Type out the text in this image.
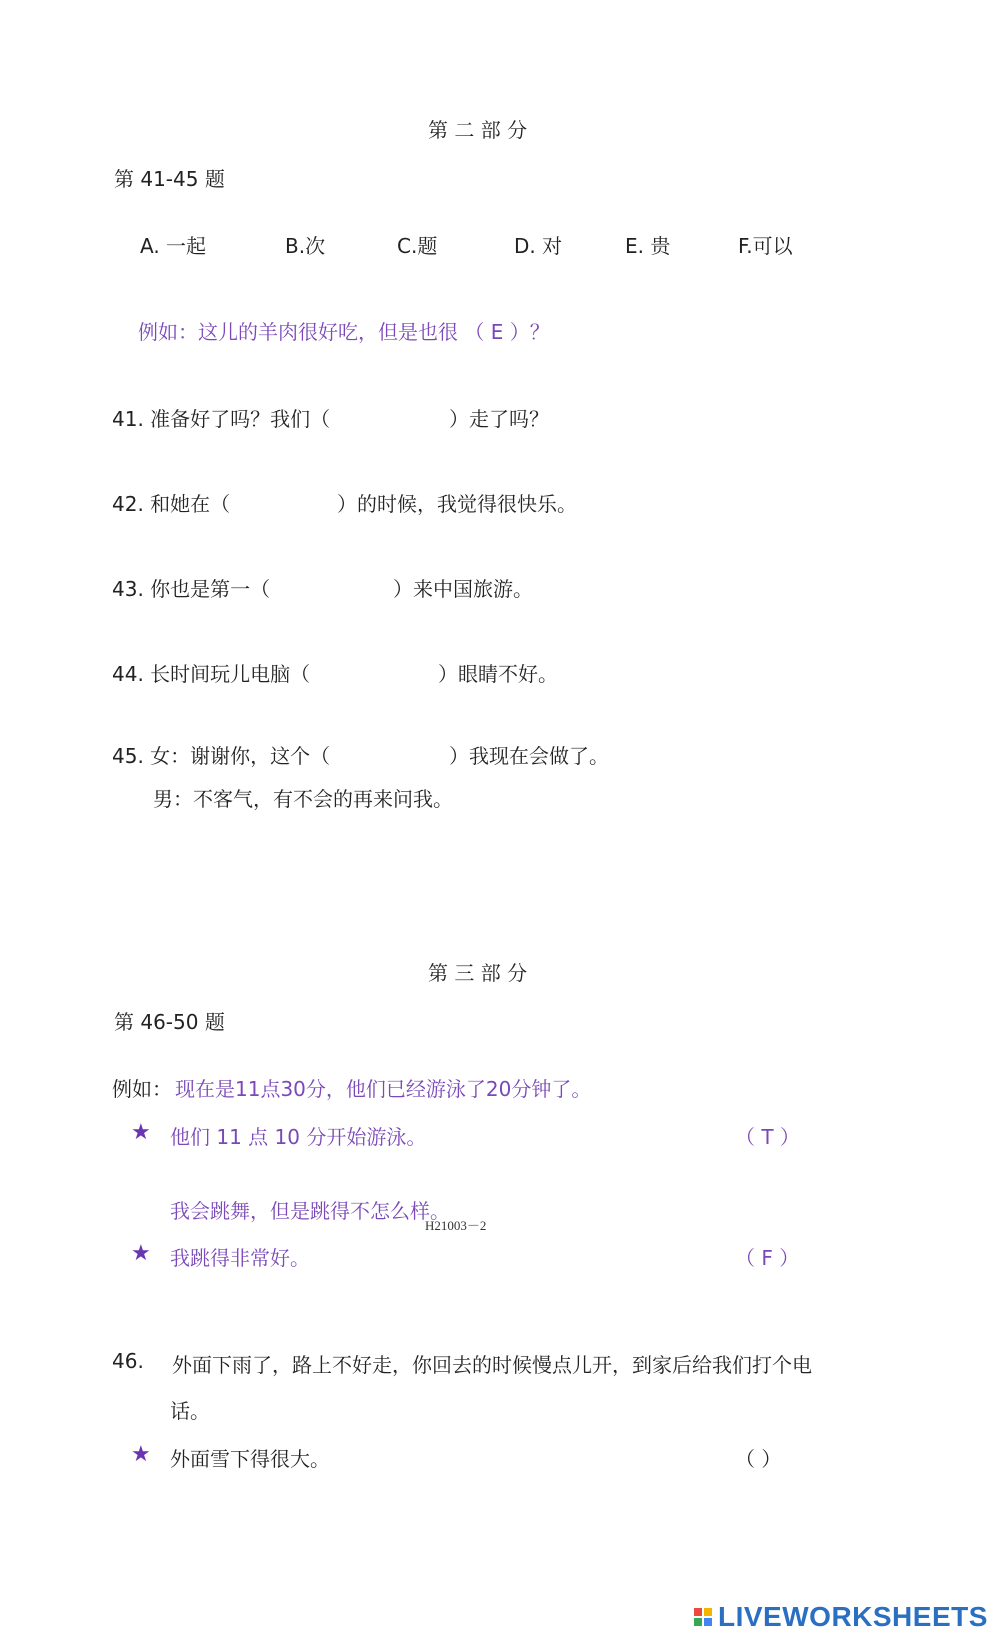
第 二 部 分
第 41-45 题
A. 一起	B.次	C.题	D. 对	E. 贵	F.可以
例如：这儿的羊肉很好吃，但是也很 （ E ）？
41. 准备好了吗？我们（	）走了吗？
42. 和她在（	）的时候，我觉得很快乐。
43. 你也是第一（	）来中国旅游。
44. 长时间玩儿电脑（	）眼睛不好。
45. 女：谢谢你，这个（	）我现在会做了。
男：不客气，有不会的再来问我。
第 三 部 分
第 46-50 题
例如： 现在是11点30分，他们已经游泳了20分钟了。
★ 他们 11 点 10 分开始游泳。	（ T ）
我会跳舞，但是跳得不怎么样。
H21003－2
★ 我跳得非常好。	（ F ）
46. 外面下雨了，路上不好走，你回去的时候慢点儿开，到家后给我们打个电
话。
★ 外面雪下得很大。	（ ）
LIVEWORKSHEETS
